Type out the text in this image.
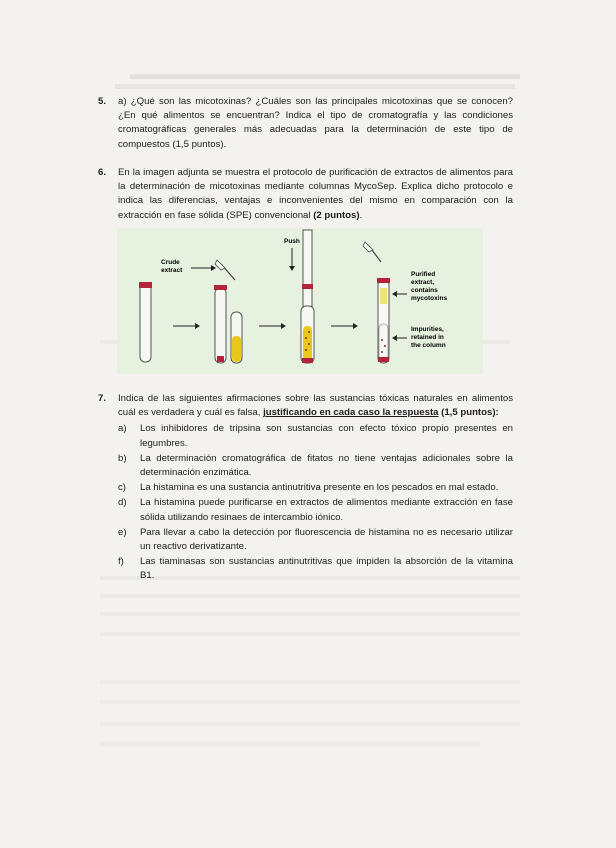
5. a) ¿Qué son las micotoxinas? ¿Cuáles son las principales micotoxinas que se conocen? ¿En qué alimentos se encuentran? Indica el tipo de cromatografía y las condiciones cromatográficas generales más adecuadas para la determinación de este tipo de compuestos (1,5 puntos).
6. En la imagen adjunta se muestra el protocolo de purificación de extractos de alimentos para la determinación de micotoxinas mediante columnas MycoSep. Explica dicho protocolo e indica las diferencias, ventajas e inconvenientes del mismo en comparación con la extracción en fase sólida (SPE) convencional (2 puntos).
Crude
extract
Push
Purified
extract,
contains
mycotoxins
Impurities,
retained in
the column
7. Indica de las siguientes afirmaciones sobre las sustancias tóxicas naturales en alimentos cuál es verdadera y cuál es falsa, justificando en cada caso la respuesta (1,5 puntos):
a) Los inhibidores de tripsina son sustancias con efecto tóxico propio presentes en legumbres.
b) La determinación cromatográfica de fitatos no tiene ventajas adicionales sobre la determinación enzimática.
c) La histamina es una sustancia antinutritiva presente en los pescados en mal estado.
d) La histamina puede purificarse en extractos de alimentos mediante extracción en fase sólida utilizando resinaes de intercambio iónico.
e) Para llevar a cabo la detección por fluorescencia de histamina no es necesario utilizar un reactivo derivatizante.
f) Las tiaminasas son sustancias antinutritivas que impiden la absorción de la vitamina B1.
